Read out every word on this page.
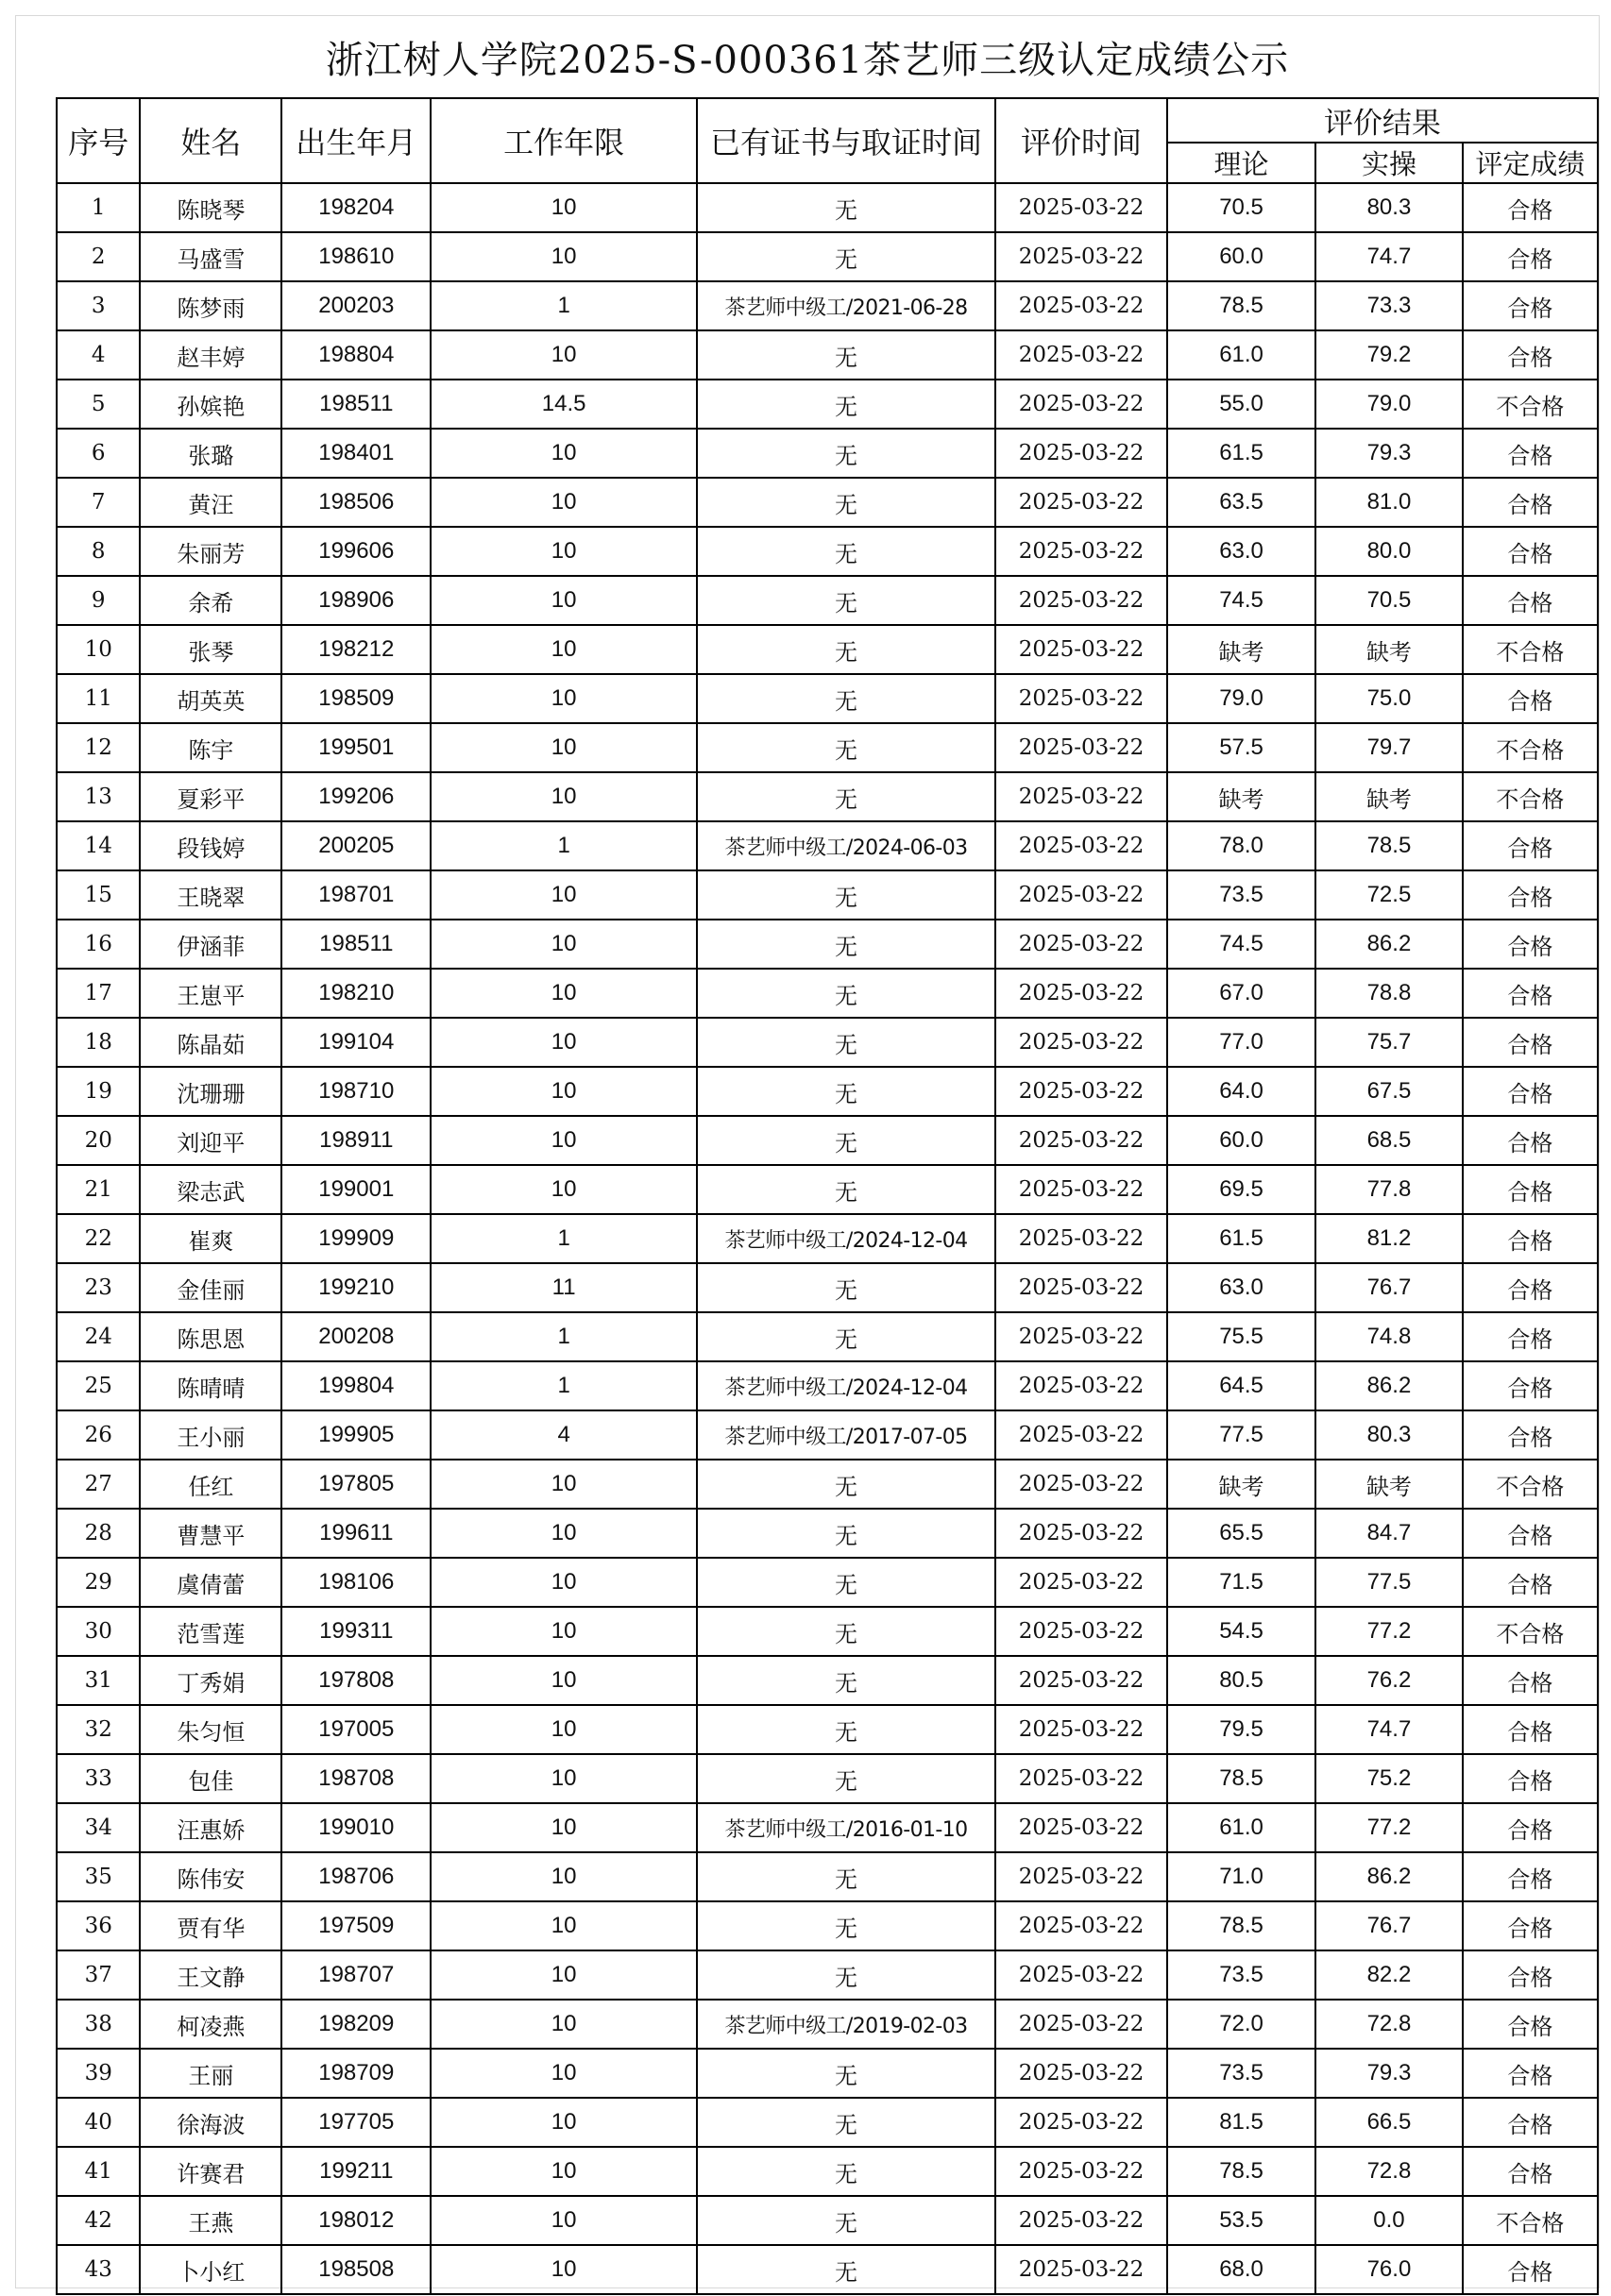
浙江树人学院2025-S-000361茶艺师三级认定成绩公示
序号	姓名	出生年月	工作年限	已有证书与取证时间	评价时间	评价结果		
						理论	实操	评定成绩
1	陈晓琴	198204	10	无	2025-03-22	70.5	80.3	合格
2	马盛雪	198610	10	无	2025-03-22	60.0	74.7	合格
3	陈梦雨	200203	1	茶艺师中级工/2021-06-28	2025-03-22	78.5	73.3	合格
4	赵丰婷	198804	10	无	2025-03-22	61.0	79.2	合格
5	孙嫔艳	198511	14.5	无	2025-03-22	55.0	79.0	不合格
6	张璐	198401	10	无	2025-03-22	61.5	79.3	合格
7	黄汪	198506	10	无	2025-03-22	63.5	81.0	合格
8	朱丽芳	199606	10	无	2025-03-22	63.0	80.0	合格
9	余希	198906	10	无	2025-03-22	74.5	70.5	合格
10	张琴	198212	10	无	2025-03-22	缺考	缺考	不合格
11	胡英英	198509	10	无	2025-03-22	79.0	75.0	合格
12	陈宇	199501	10	无	2025-03-22	57.5	79.7	不合格
13	夏彩平	199206	10	无	2025-03-22	缺考	缺考	不合格
14	段钱婷	200205	1	茶艺师中级工/2024-06-03	2025-03-22	78.0	78.5	合格
15	王晓翠	198701	10	无	2025-03-22	73.5	72.5	合格
16	伊涵菲	198511	10	无	2025-03-22	74.5	86.2	合格
17	王崽平	198210	10	无	2025-03-22	67.0	78.8	合格
18	陈晶茹	199104	10	无	2025-03-22	77.0	75.7	合格
19	沈珊珊	198710	10	无	2025-03-22	64.0	67.5	合格
20	刘迎平	198911	10	无	2025-03-22	60.0	68.5	合格
21	梁志武	199001	10	无	2025-03-22	69.5	77.8	合格
22	崔爽	199909	1	茶艺师中级工/2024-12-04	2025-03-22	61.5	81.2	合格
23	金佳丽	199210	11	无	2025-03-22	63.0	76.7	合格
24	陈思恩	200208	1	无	2025-03-22	75.5	74.8	合格
25	陈晴晴	199804	1	茶艺师中级工/2024-12-04	2025-03-22	64.5	86.2	合格
26	王小丽	199905	4	茶艺师中级工/2017-07-05	2025-03-22	77.5	80.3	合格
27	任红	197805	10	无	2025-03-22	缺考	缺考	不合格
28	曹慧平	199611	10	无	2025-03-22	65.5	84.7	合格
29	虞倩蕾	198106	10	无	2025-03-22	71.5	77.5	合格
30	范雪莲	199311	10	无	2025-03-22	54.5	77.2	不合格
31	丁秀娟	197808	10	无	2025-03-22	80.5	76.2	合格
32	朱匀恒	197005	10	无	2025-03-22	79.5	74.7	合格
33	包佳	198708	10	无	2025-03-22	78.5	75.2	合格
34	汪惠娇	199010	10	茶艺师中级工/2016-01-10	2025-03-22	61.0	77.2	合格
35	陈伟安	198706	10	无	2025-03-22	71.0	86.2	合格
36	贾有华	197509	10	无	2025-03-22	78.5	76.7	合格
37	王文静	198707	10	无	2025-03-22	73.5	82.2	合格
38	柯凌燕	198209	10	茶艺师中级工/2019-02-03	2025-03-22	72.0	72.8	合格
39	王丽	198709	10	无	2025-03-22	73.5	79.3	合格
40	徐海波	197705	10	无	2025-03-22	81.5	66.5	合格
41	许赛君	199211	10	无	2025-03-22	78.5	72.8	合格
42	王燕	198012	10	无	2025-03-22	53.5	0.0	不合格
43	卜小红	198508	10	无	2025-03-22	68.0	76.0	合格
